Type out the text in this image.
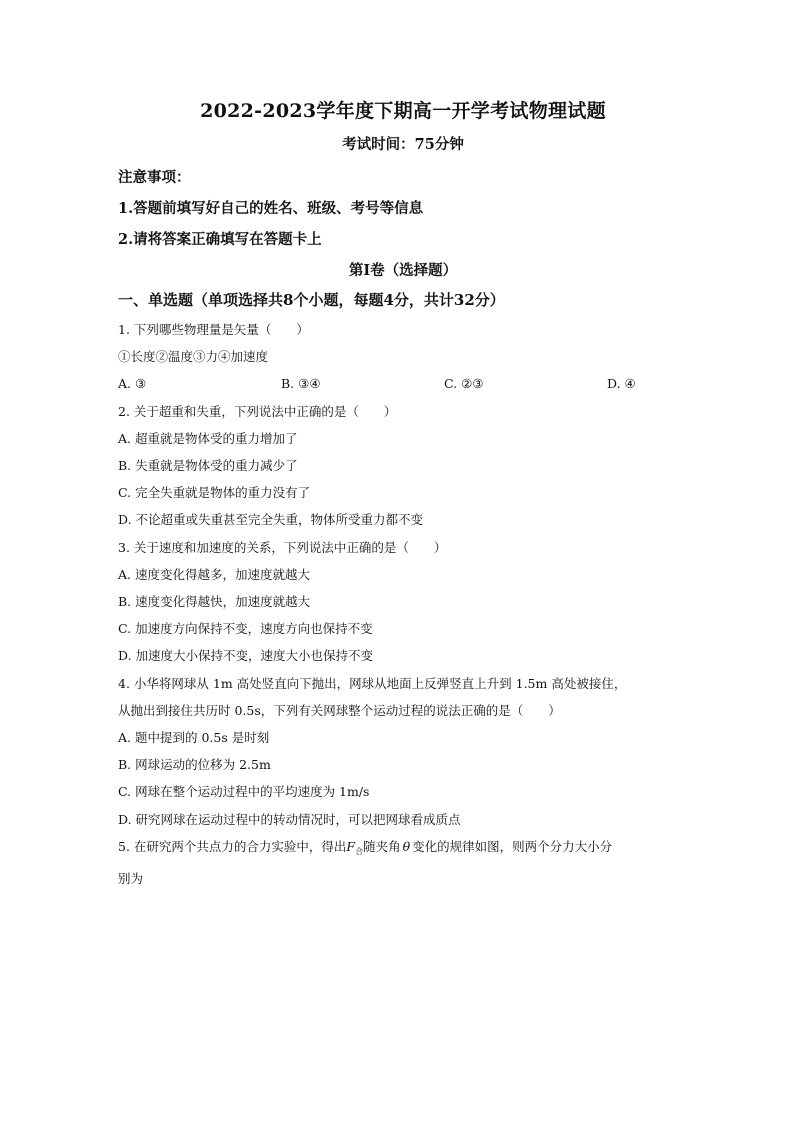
2022-2023学年度下期高一开学考试物理试题
考试时间：75分钟
注意事项：
1.答题前填写好自己的姓名、班级、考号等信息
2.请将答案正确填写在答题卡上
第I卷（选择题）
一、单选题（单项选择共8个小题，每题4分，共计32分）
1. 下列哪些物理量是矢量（　　）
①长度②温度③力④加速度
A. ③	B. ③④	C. ②③	D. ④
2. 关于超重和失重，下列说法中正确的是（　　）
A. 超重就是物体受的重力增加了
B. 失重就是物体受的重力减少了
C. 完全失重就是物体的重力没有了
D. 不论超重或失重甚至完全失重，物体所受重力都不变
3. 关于速度和加速度的关系，下列说法中正确的是（　　）
A. 速度变化得越多，加速度就越大
B. 速度变化得越快，加速度就越大
C. 加速度方向保持不变，速度方向也保持不变
D. 加速度大小保持不变，速度大小也保持不变
4. 小华将网球从 1m 高处竖直向下抛出，网球从地面上反弹竖直上升到 1.5m 高处被接住，
从抛出到接住共历时 0.5s，下列有关网球整个运动过程的说法正确的是（　　）
A. 题中提到的 0.5s 是时刻
B. 网球运动的位移为 2.5m
C. 网球在整个运动过程中的平均速度为 1m/s
D. 研究网球在运动过程中的转动情况时，可以把网球看成质点
5. 在研究两个共点力的合力实验中，得出$F_合$随夹角 θ 变化的规律如图，则两个分力大小分
别为
